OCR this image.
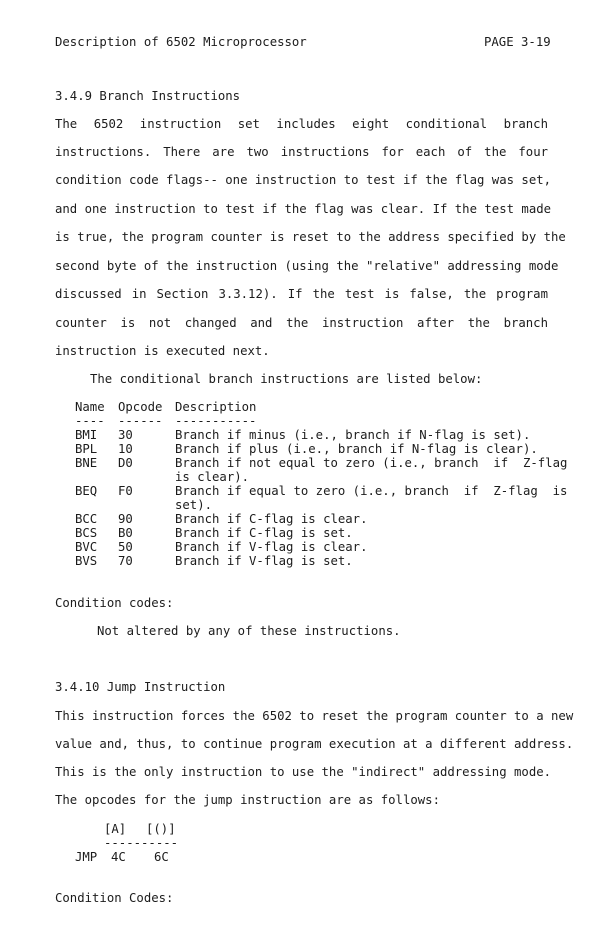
Description of 6502 Microprocessor	PAGE 3-19
3.4.9 Branch Instructions
The 6502 instruction set includes eight conditional branch
instructions. There are two instructions for each of the four
condition code flags-- one instruction to test if the flag was set,
and one instruction to test if the flag was clear. If the test made
is true, the program counter is reset to the address specified by the
second byte of the instruction (using the "relative" addressing mode
discussed in Section 3.3.12). If the test is false, the program
counter is not changed and the instruction after the branch
instruction is executed next.
The conditional branch instructions are listed below:
Name Opcode Description
---- ------ -----------
BMI 30	Branch if minus (i.e., branch if N-flag is set).
BPL 10	Branch if plus (i.e., branch if N-flag is clear).
BNE D0	Branch if not equal to zero (i.e., branch  if  Z-flag
is clear).
BEQ F0	Branch if equal to zero (i.e., branch  if  Z-flag  is
set).
BCC 90	Branch if C-flag is clear.
BCS B0	Branch if C-flag is set.
BVC 50	Branch if V-flag is clear.
BVS 70	Branch if V-flag is set.
Condition codes:
Not altered by any of these instructions.
3.4.10 Jump Instruction
This instruction forces the 6502 to reset the program counter to a new
value and, thus, to continue program execution at a different address.
This is the only instruction to use the "indirect" addressing mode.
The opcodes for the jump instruction are as follows:
[A] [()]
----------
JMP 4C 6C
Condition Codes:
